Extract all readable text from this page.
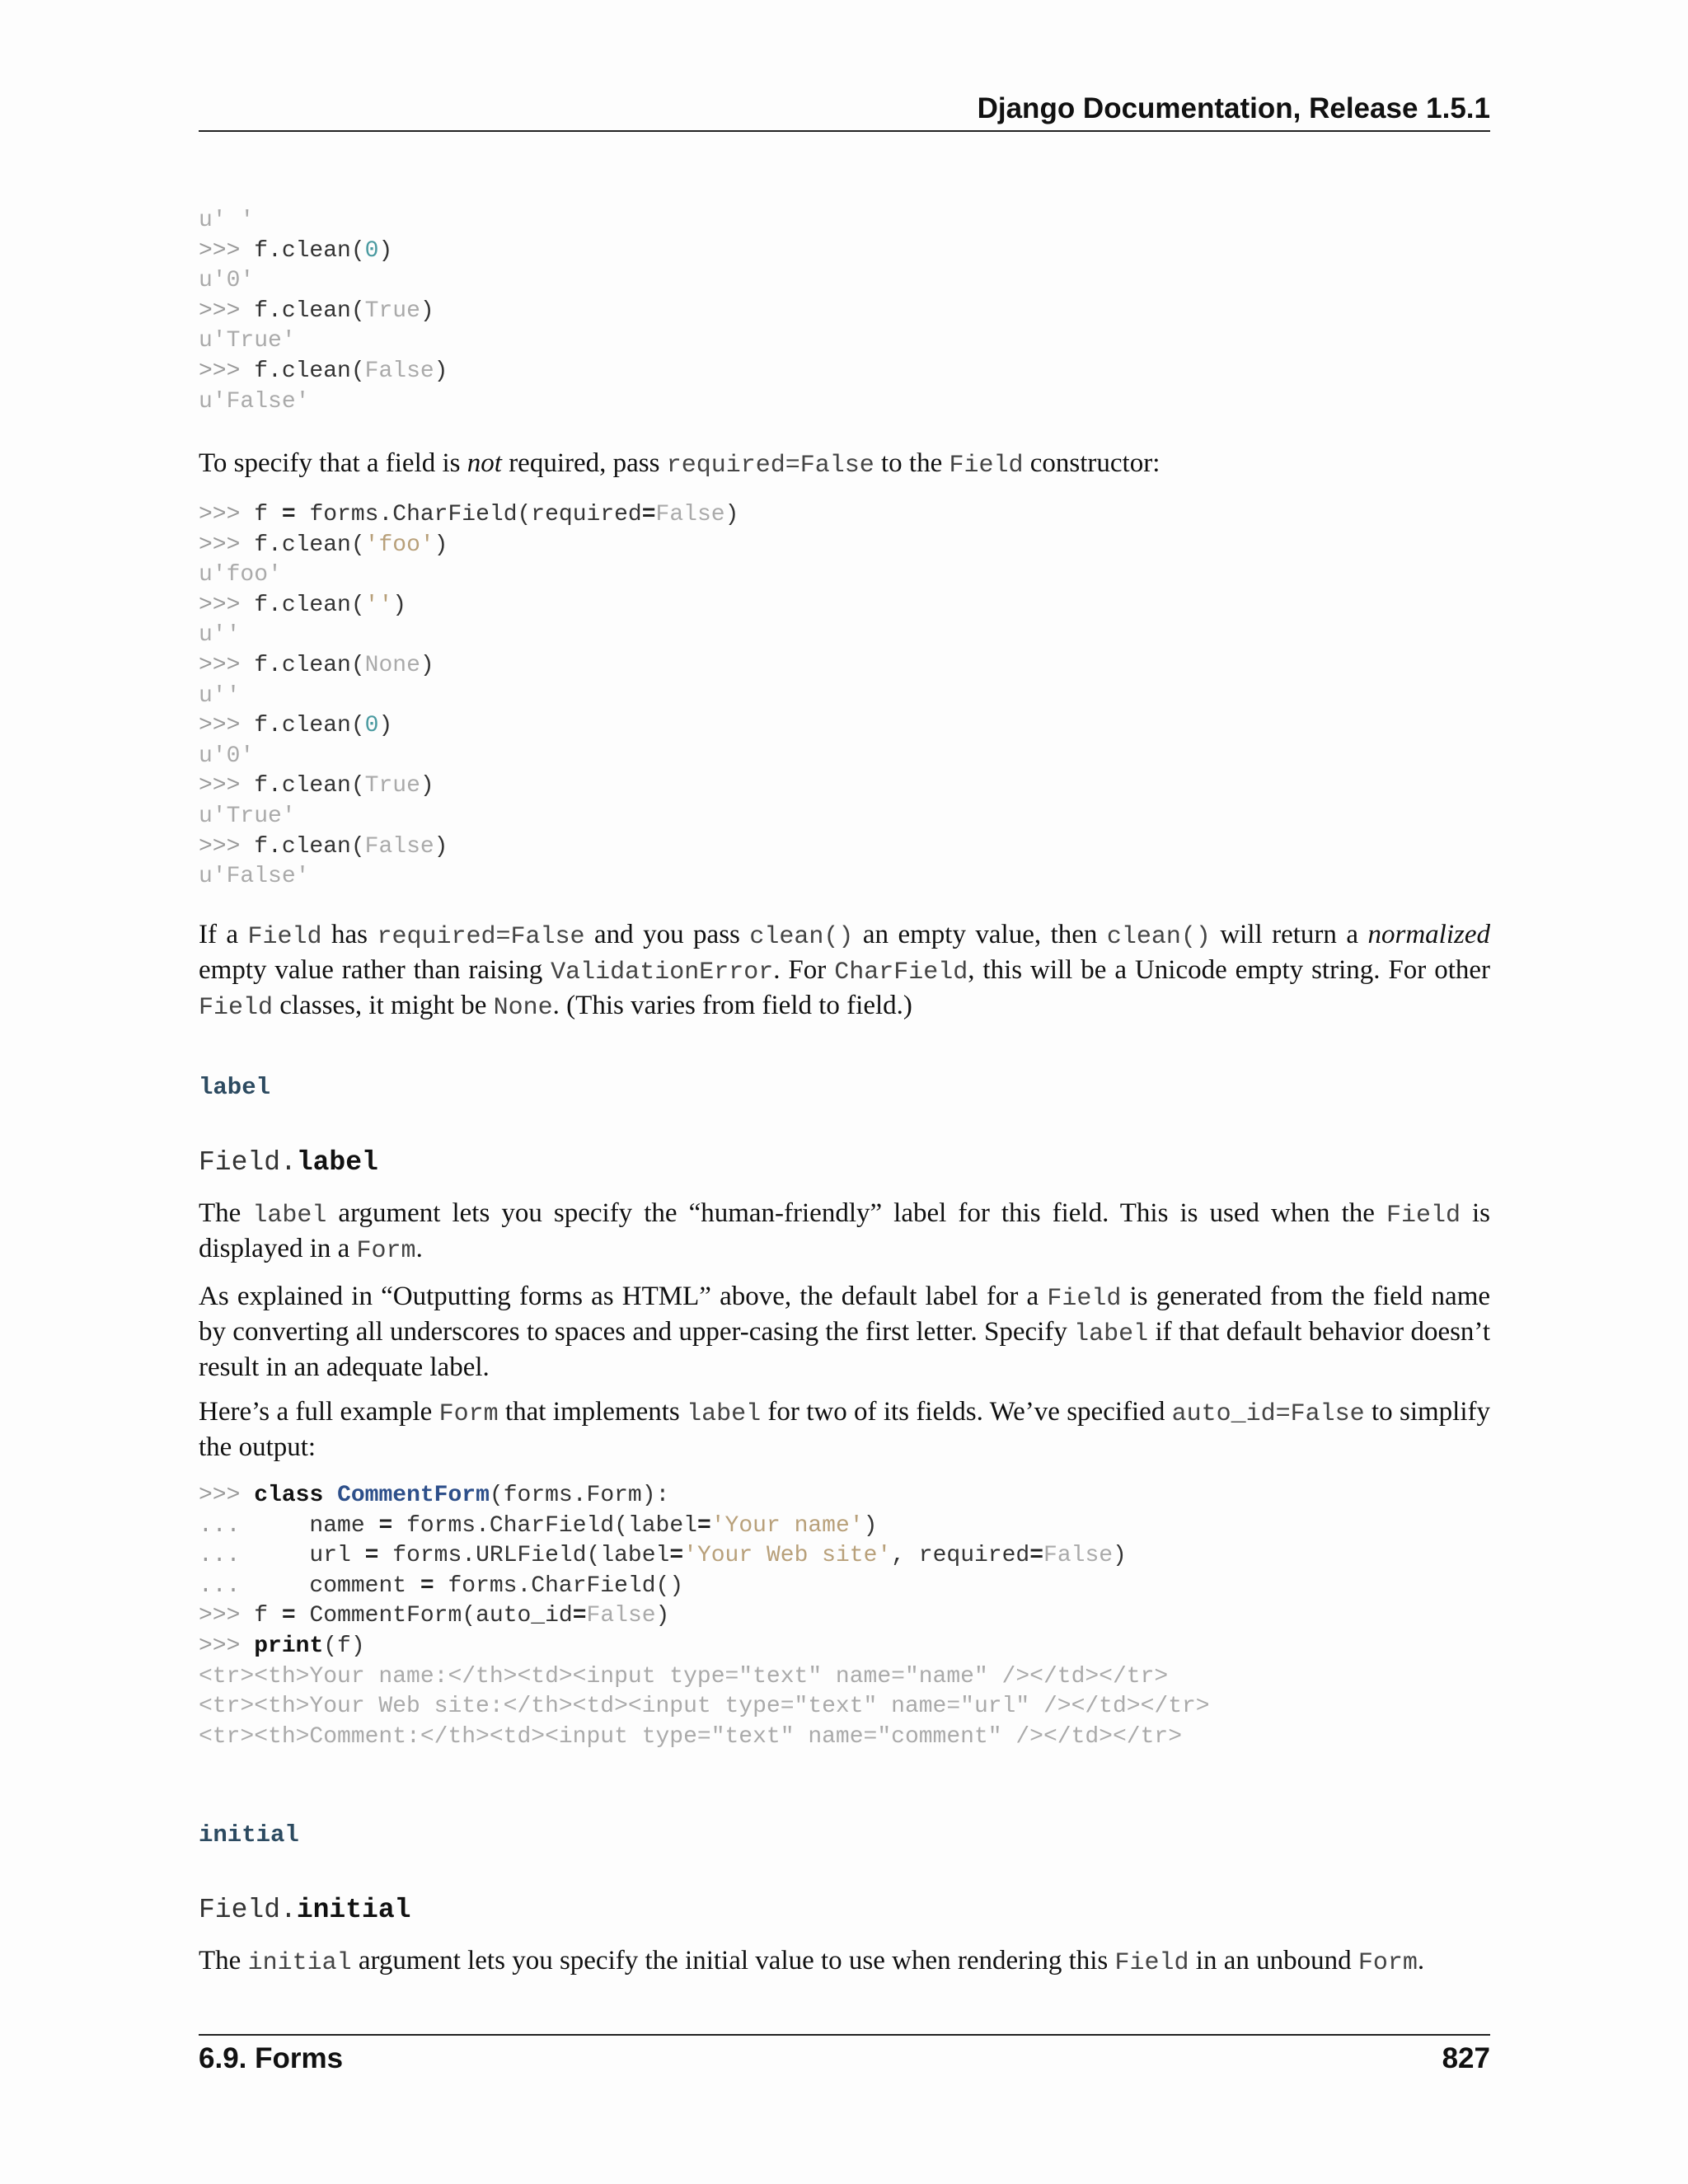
Django Documentation, Release 1.5.1
u' '
>>> f.clean(0)
u'0'
>>> f.clean(True)
u'True'
>>> f.clean(False)
u'False'

To specify that a field is not required, pass required=False to the Field constructor:

>>> f = forms.CharField(required=False)
>>> f.clean('foo')
u'foo'
>>> f.clean('')
u''
>>> f.clean(None)
u''
>>> f.clean(0)
u'0'
>>> f.clean(True)
u'True'
>>> f.clean(False)
u'False'

If a Field has required=False and you pass clean() an empty value, then clean() will return a normalized empty value rather than raising ValidationError. For CharField, this will be a Unicode empty string. For other Field classes, it might be None. (This varies from field to field.)

label
Field.label

The label argument lets you specify the “human-friendly” label for this field. This is used when the Field is displayed in a Form.

As explained in “Outputting forms as HTML” above, the default label for a Field is generated from the field name by converting all underscores to spaces and upper-casing the first letter. Specify label if that default behavior doesn’t result in an adequate label.

Here’s a full example Form that implements label for two of its fields. We’ve specified auto_id=False to simplify the output:

>>> class CommentForm(forms.Form):
...     name = forms.CharField(label='Your name')
...     url = forms.URLField(label='Your Web site', required=False)
...     comment = forms.CharField()
>>> f = CommentForm(auto_id=False)
>>> print(f)
<tr><th>Your name:</th><td><input type="text" name="name" /></td></tr>
<tr><th>Your Web site:</th><td><input type="text" name="url" /></td></tr>
<tr><th>Comment:</th><td><input type="text" name="comment" /></td></tr>
initial
Field.initial

The initial argument lets you specify the initial value to use when rendering this Field in an unbound Form.

6.9. Forms	827
